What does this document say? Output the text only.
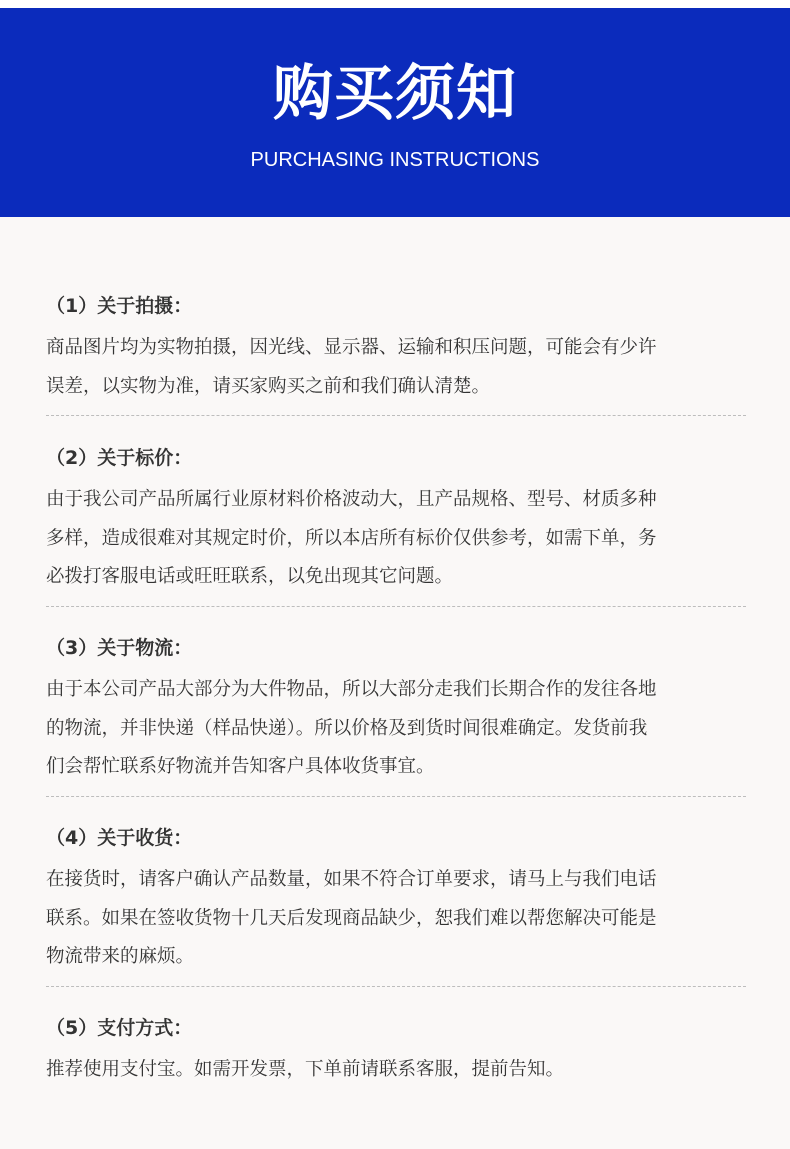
购买须知
PURCHASING INSTRUCTIONS
（1）关于拍摄：
商品图片均为实物拍摄，因光线、显示器、运输和积压问题，可能会有少许
误差，以实物为准，请买家购买之前和我们确认清楚。
（2）关于标价：
由于我公司产品所属行业原材料价格波动大，且产品规格、型号、材质多种
多样，造成很难对其规定时价，所以本店所有标价仅供参考，如需下单，务
必拨打客服电话或旺旺联系，以免出现其它问题。
（3）关于物流：
由于本公司产品大部分为大件物品，所以大部分走我们长期合作的发往各地
的物流，并非快递（样品快递）。所以价格及到货时间很难确定。发货前我
们会帮忙联系好物流并告知客户具体收货事宜。
（4）关于收货：
在接货时，请客户确认产品数量，如果不符合订单要求，请马上与我们电话
联系。如果在签收货物十几天后发现商品缺少，恕我们难以帮您解决可能是
物流带来的麻烦。
（5）支付方式：
推荐使用支付宝。如需开发票，下单前请联系客服，提前告知。
